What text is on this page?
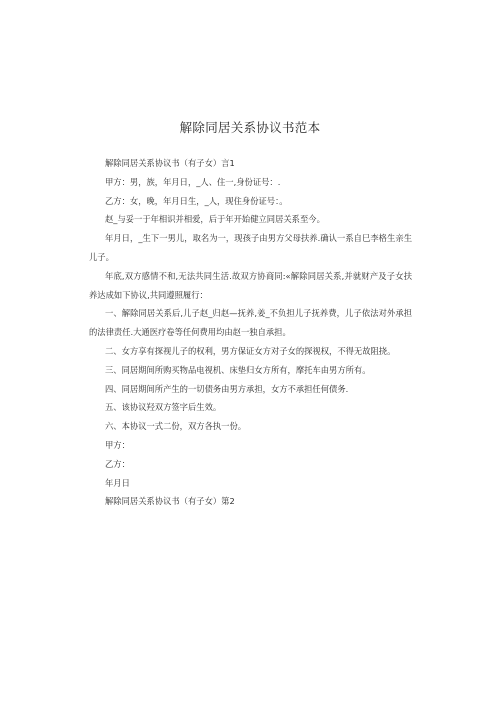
解除同居关系协议书范本

解除同居关系协议书（有子女）言1

甲方：男，族，年月日，_人、住一,身份证号：.

乙方：女，晚，年月日生，_人，现住身份证号：。

赵_与妥一于年相识并相爱，后于年开始健立同居关系至今。

年月日，_生下一男儿，取名为一，现孩子由男方父母扶养.确认一系自巳李格生亲生儿子。

年底,双方感情不和,无法共同生活.故双方协商同:«解除同居关系,并就财产及子女扶养达成如下协议,共同遵照履行：

一、解除同居关系后,儿子赵_归赵—抚养,姜_不负担儿子抚养费，儿子依法对外承担的法律责任.大通医疗卷等任何费用均由赵一独自承担。

二、女方享有探视儿子的权利，男方保证女方对子女的探视权，不得无故阻挠。

三、同居期间所购买物品电视机、床垫归女方所有，摩托车由男方所有。

四、同居期间所产生的一切债务由男方承担，女方不承担任何债务.

五、该协议羟双方签字后生效。

六、本协议一式二份，双方各执一份。

甲方：

乙方：

年月日

解除同居关系协议书（有子女）第2
